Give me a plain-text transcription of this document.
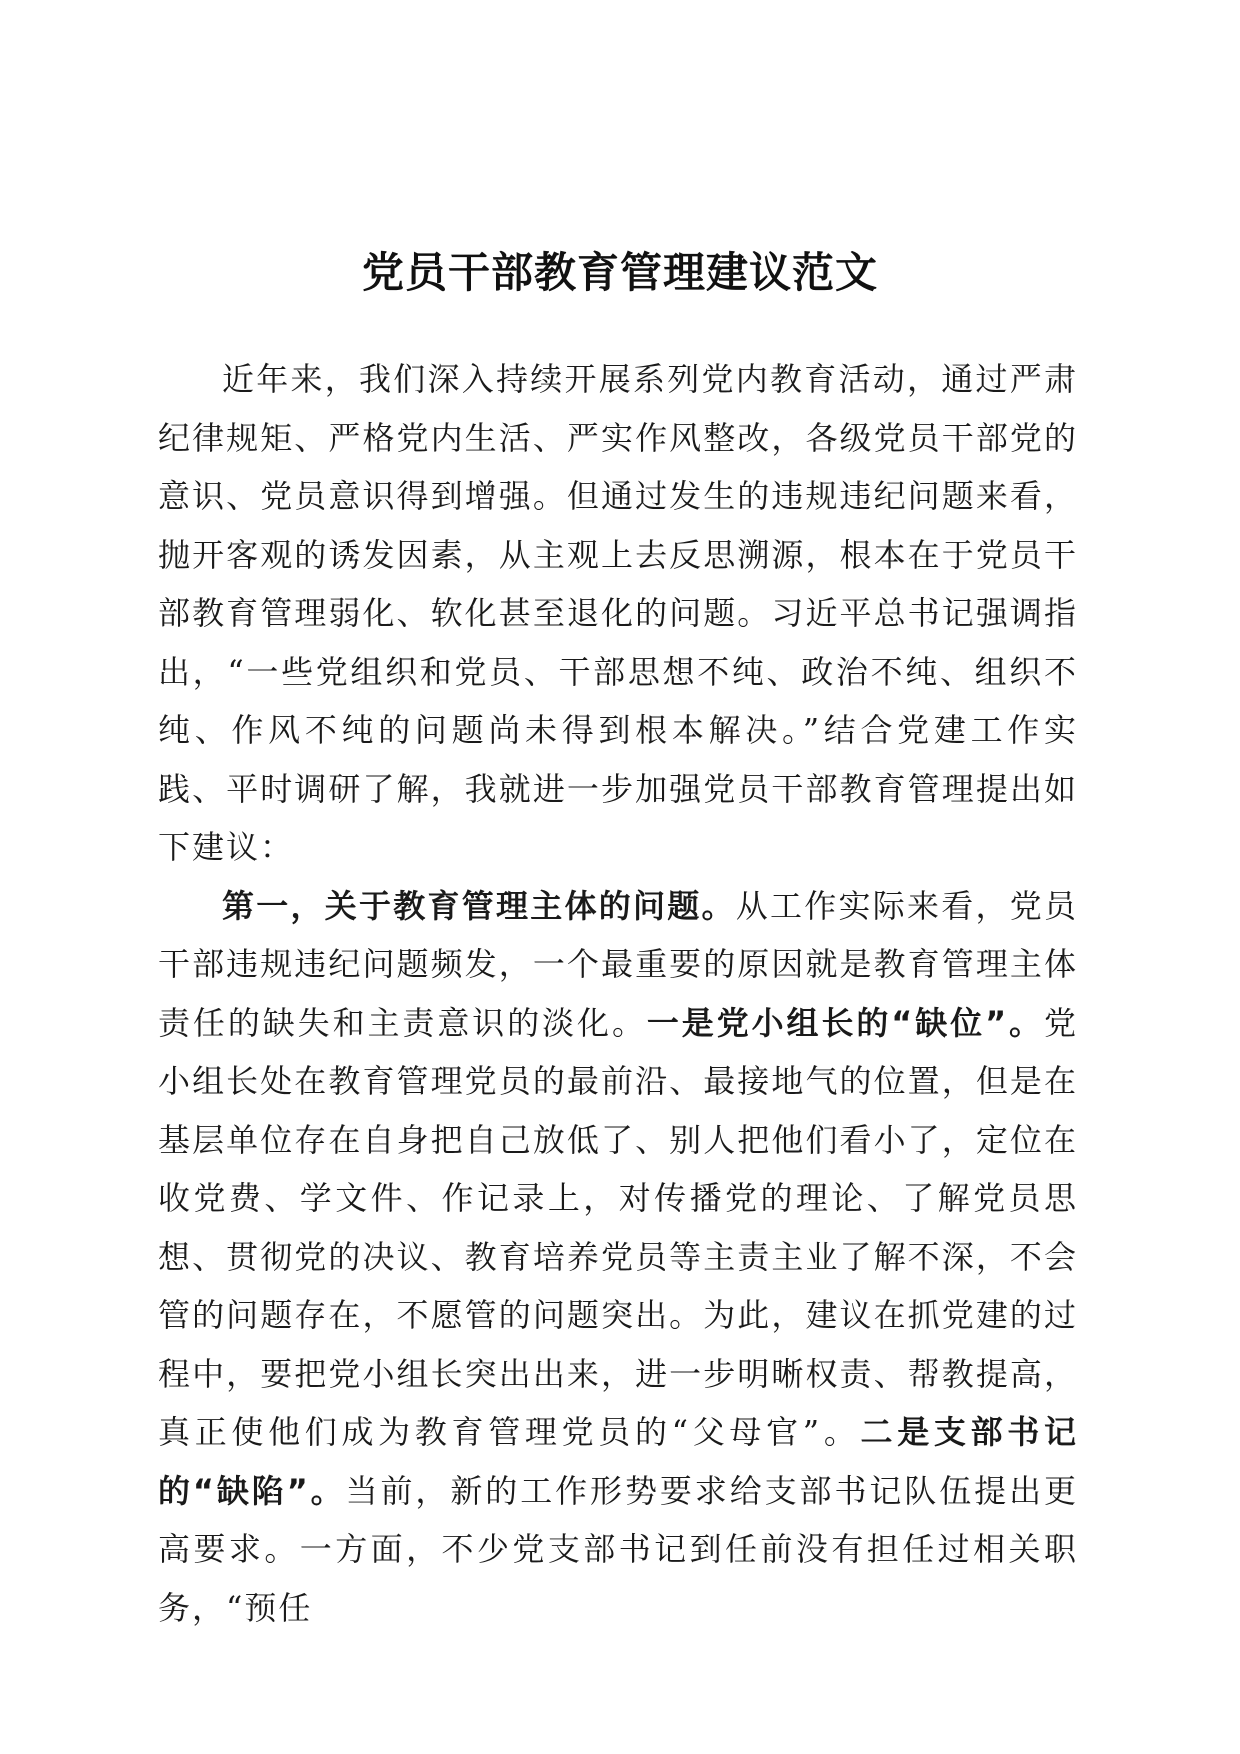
党员干部教育管理建议范文

近年来，我们深入持续开展系列党内教育活动，通过严肃纪律规矩、严格党内生活、严实作风整改，各级党员干部党的意识、党员意识得到增强。但通过发生的违规违纪问题来看，抛开客观的诱发因素，从主观上去反思溯源，根本在于党员干部教育管理弱化、软化甚至退化的问题。习近平总书记强调指出，“一些党组织和党员、干部思想不纯、政治不纯、组织不纯、作风不纯的问题尚未得到根本解决。”结合党建工作实践、平时调研了解，我就进一步加强党员干部教育管理提出如下建议：

第一，关于教育管理主体的问题。从工作实际来看，党员干部违规违纪问题频发，一个最重要的原因就是教育管理主体责任的缺失和主责意识的淡化。一是党小组长的“缺位”。党小组长处在教育管理党员的最前沿、最接地气的位置，但是在基层单位存在自身把自己放低了、别人把他们看小了，定位在收党费、学文件、作记录上，对传播党的理论、了解党员思想、贯彻党的决议、教育培养党员等主责主业了解不深，不会管的问题存在，不愿管的问题突出。为此，建议在抓党建的过程中，要把党小组长突出出来，进一步明晰权责、帮教提高，真正使他们成为教育管理党员的“父母官”。二是支部书记的“缺陷”。当前，新的工作形势要求给支部书记队伍提出更高要求。一方面，不少党支部书记到任前没有担任过相关职务，“预任
